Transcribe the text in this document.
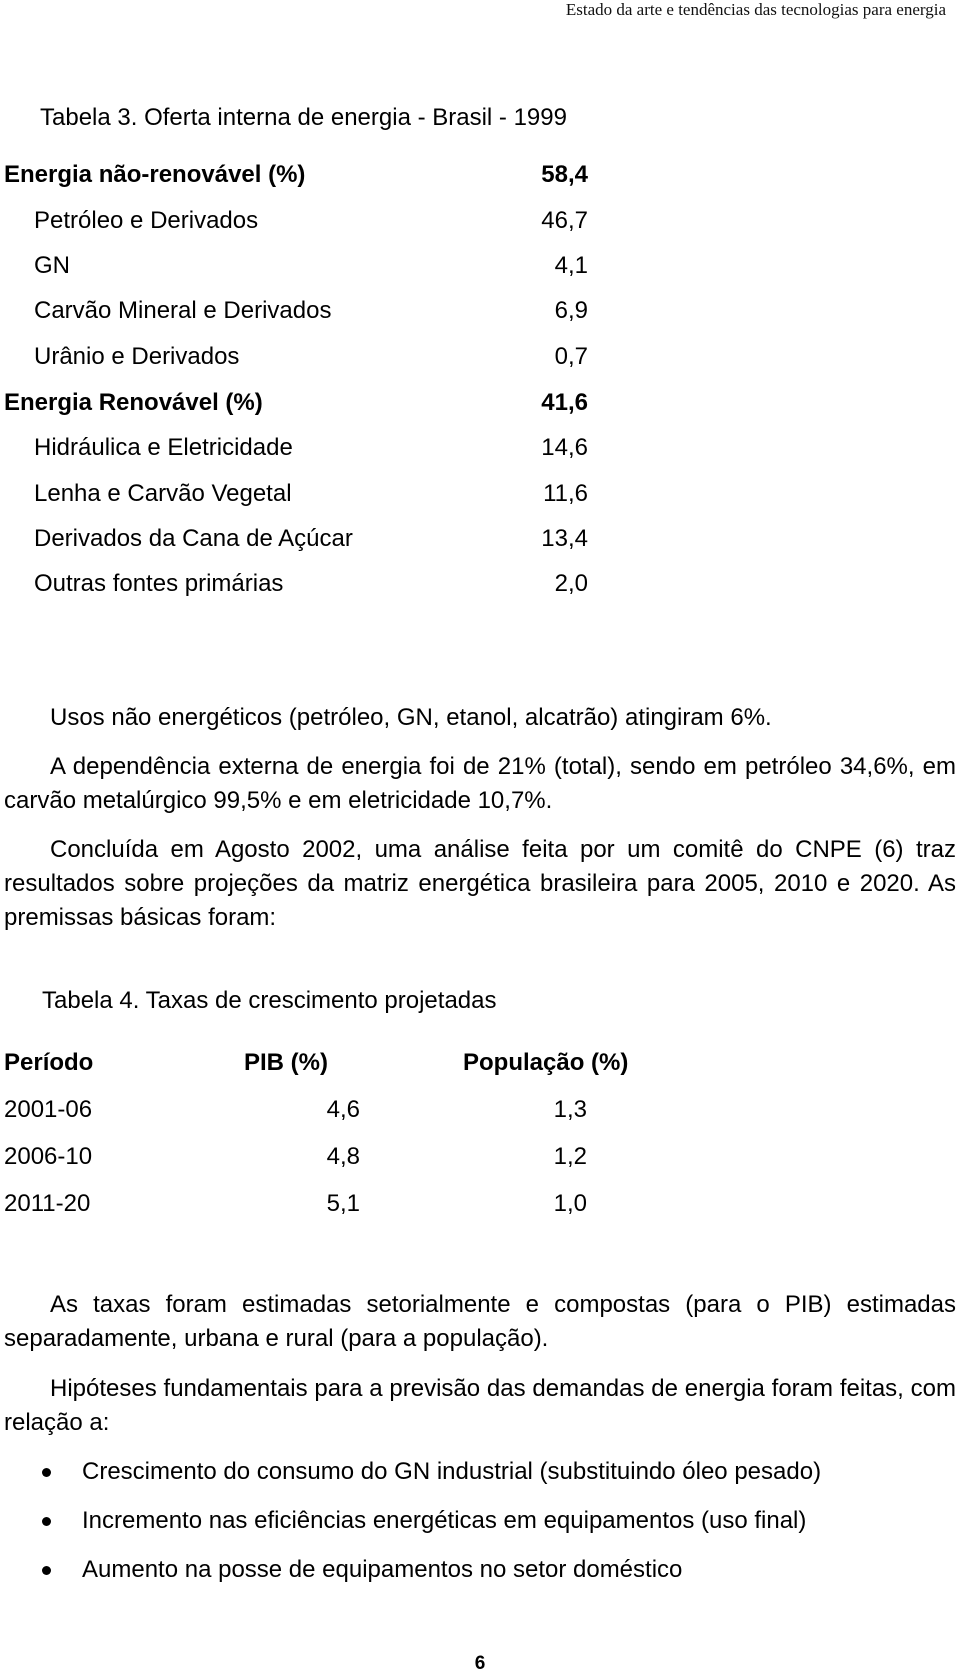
Estado da arte e tendências das tecnologias para energia
Tabela 3. Oferta interna de energia - Brasil - 1999
Energia não-renovável (%)	58,4
Petróleo e Derivados	46,7
GN	4,1
Carvão Mineral e Derivados	6,9
Urânio e Derivados	0,7
Energia Renovável (%)	41,6
Hidráulica e Eletricidade	14,6
Lenha e Carvão Vegetal	11,6
Derivados da Cana de Açúcar	13,4
Outras fontes primárias	2,0
Usos não energéticos (petróleo, GN, etanol, alcatrão) atingiram 6%.
A dependência externa de energia foi de 21% (total), sendo em petróleo 34,6%, em carvão metalúrgico 99,5% e em eletricidade 10,7%.
Concluída em Agosto 2002, uma análise feita por um comitê do CNPE (6) traz resultados sobre projeções da matriz energética brasileira para 2005, 2010 e 2020. As premissas básicas foram:
Tabela 4. Taxas de crescimento projetadas
Período	PIB (%)	População (%)
2001-06	4,6	1,3
2006-10	4,8	1,2
2011-20	5,1	1,0
As taxas foram estimadas setorialmente e compostas (para o PIB) estimadas separadamente, urbana e rural (para a população).
Hipóteses fundamentais para a previsão das demandas de energia foram feitas, com relação a:
Crescimento do consumo do GN industrial (substituindo óleo pesado)
Incremento nas eficiências energéticas em equipamentos (uso final)
Aumento na posse de equipamentos no setor doméstico
6
